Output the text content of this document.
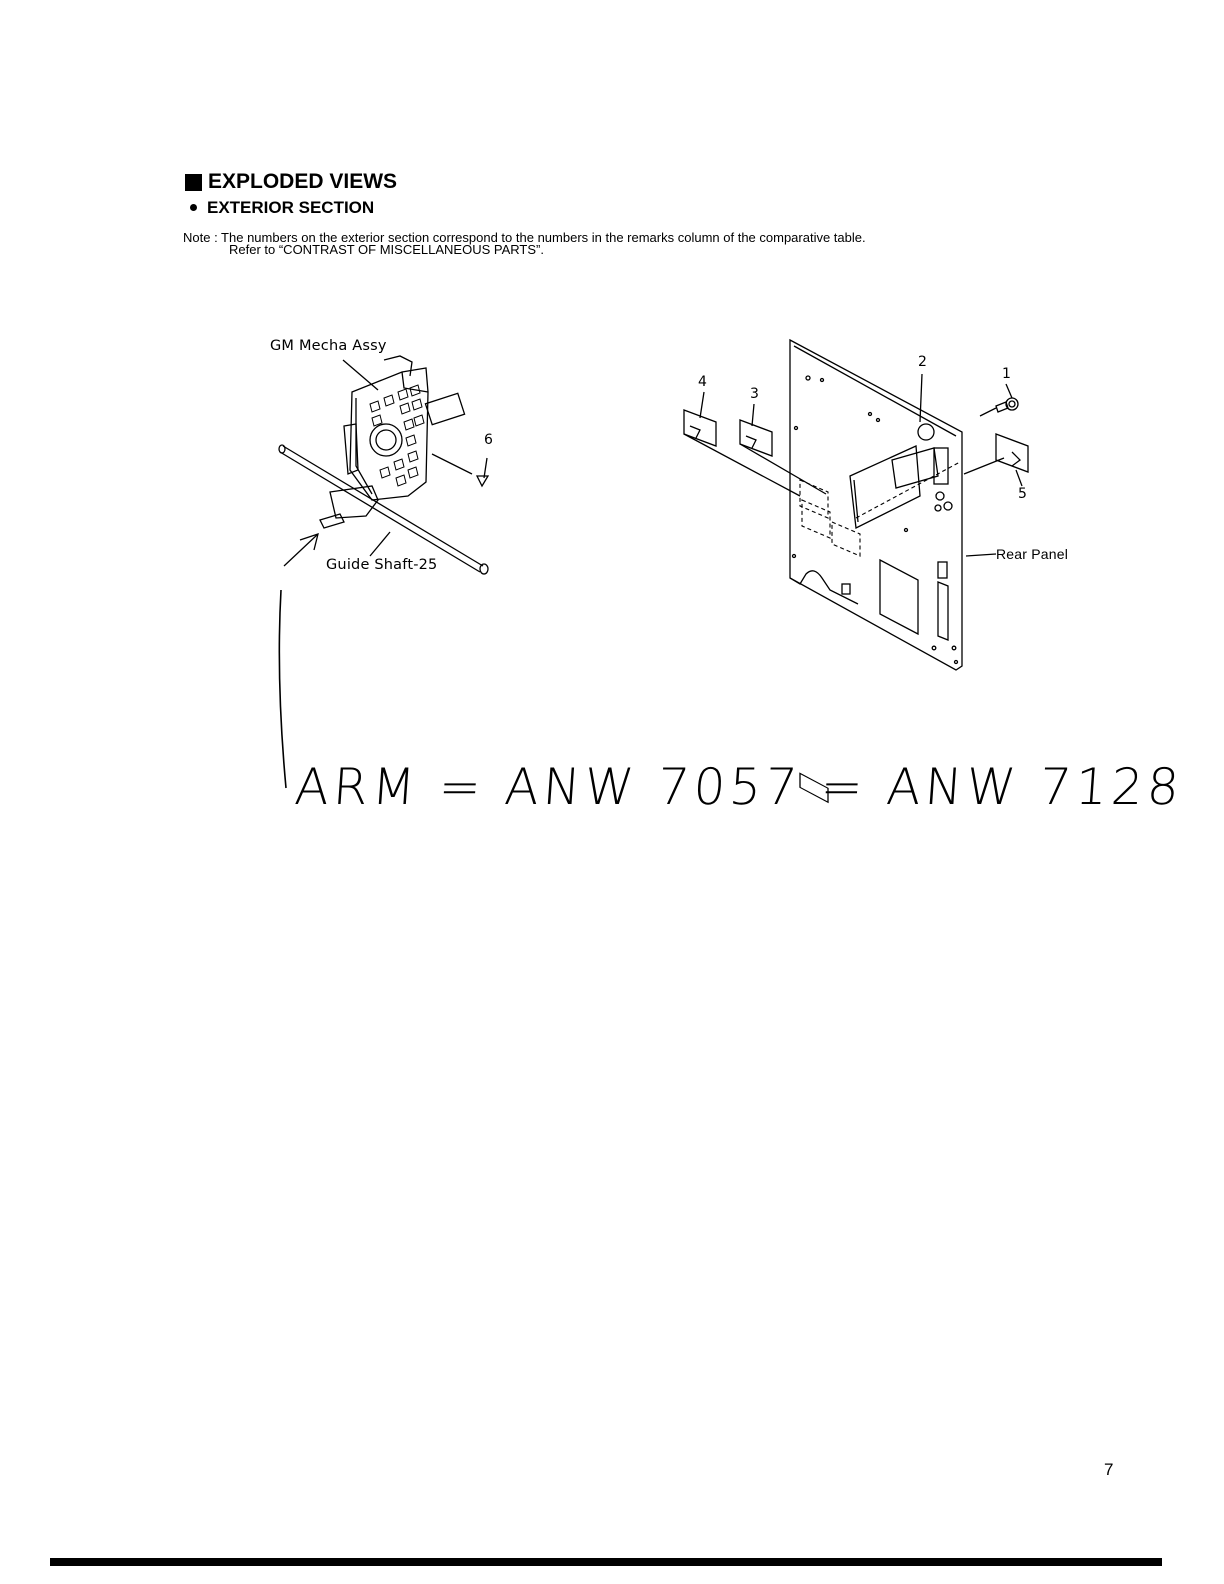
EXPLODED VIEWS
EXTERIOR SECTION
Note : The numbers on the exterior section correspond to the numbers in the remarks column of the comparative table.
Refer to “CONTRAST OF MISCELLANEOUS PARTS”.
GM Mecha Assy
Guide Shaft-25
6
1
2
3
4
5
Rear Panel
ARM = ANW 7057 = ANW 7128
7
